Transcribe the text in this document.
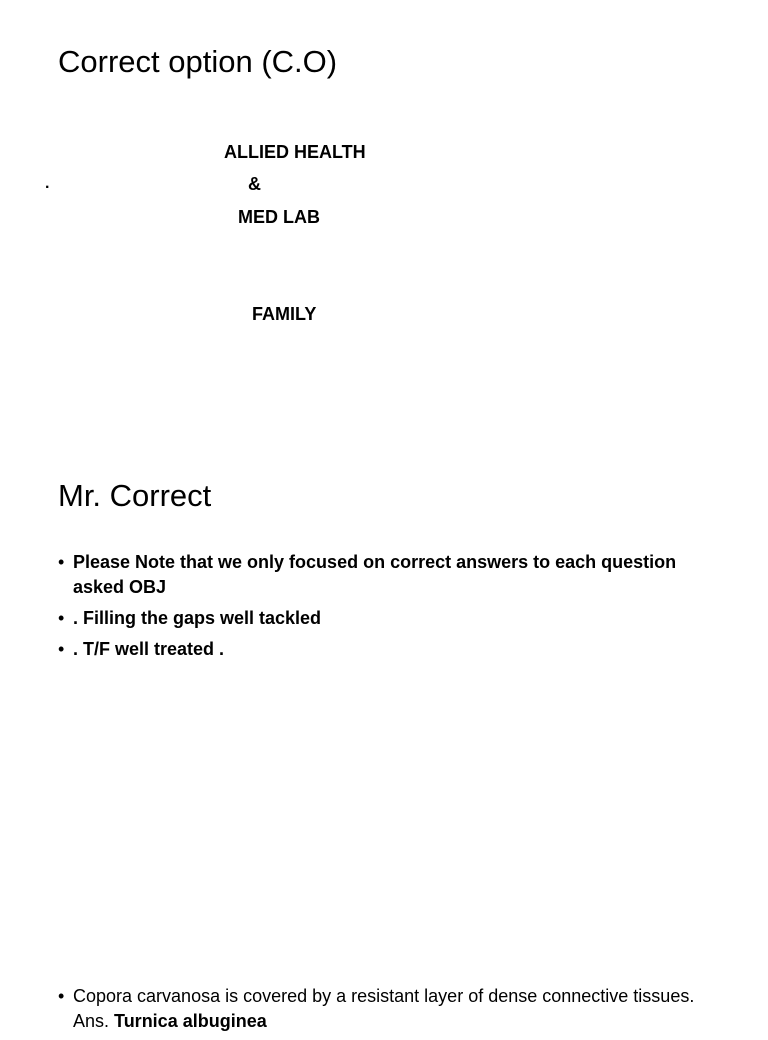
Correct option (C.O)
.
ALLIED HEALTH
&
MED LAB
FAMILY
Mr. Correct
• Please Note that we only focused on correct answers to each question asked OBJ
• . Filling the gaps well tackled
• . T/F well treated .
• Copora carvanosa is covered by a resistant layer of dense connective tissues. Ans. Turnica albuginea
